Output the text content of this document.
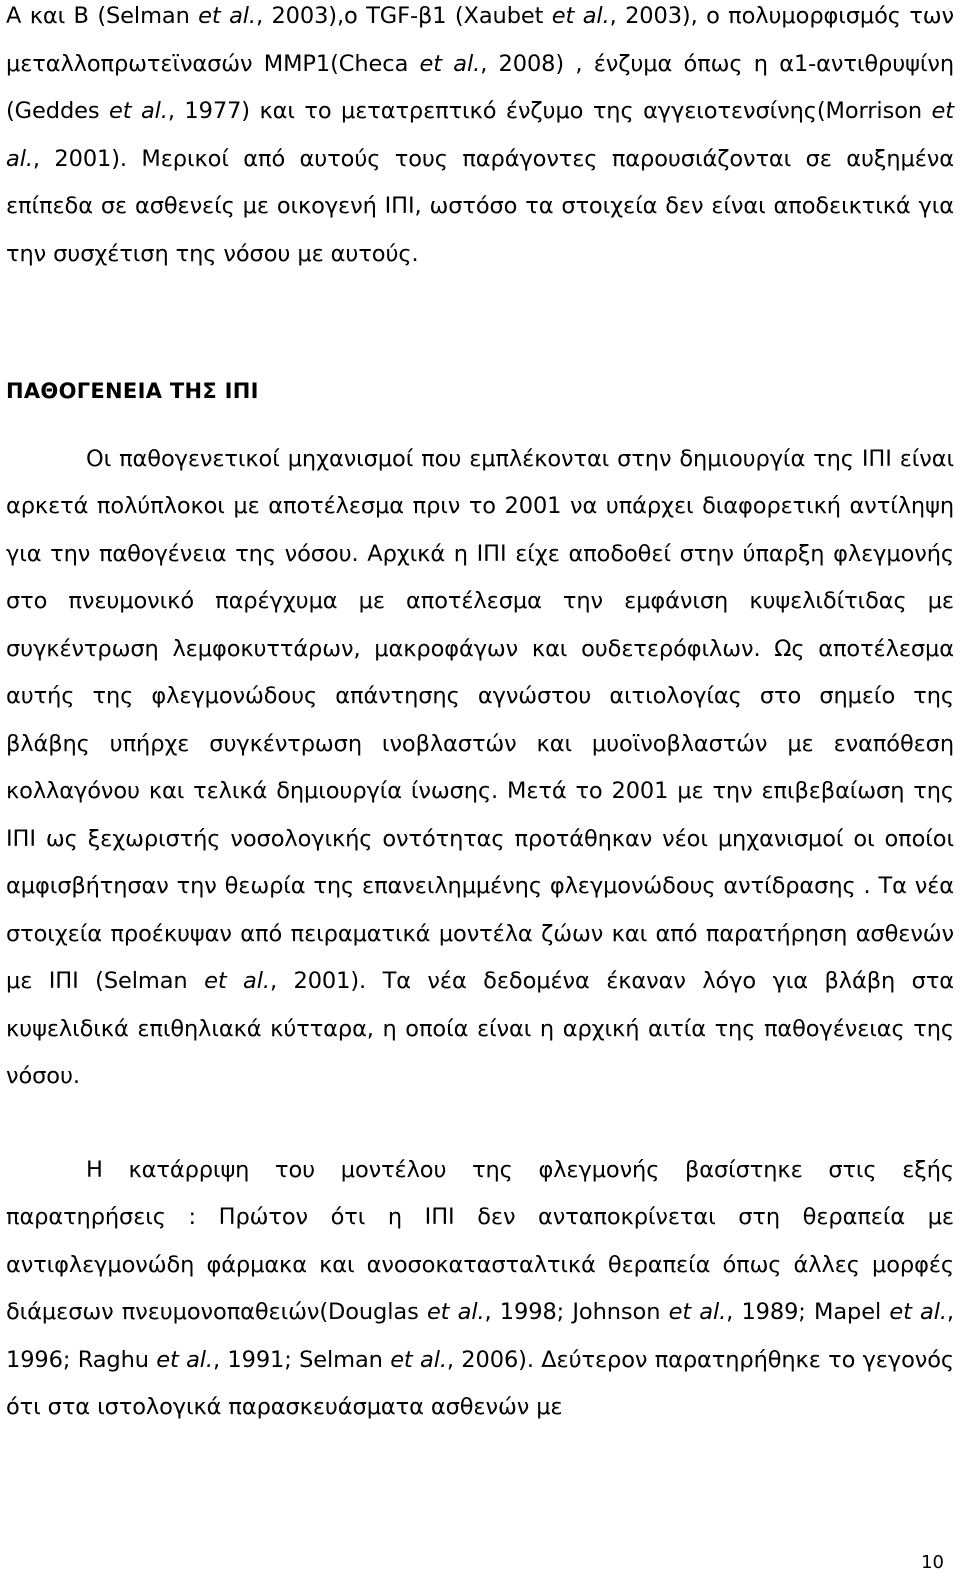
Α και Β (Selman et al., 2003),ο TGF-β1 (Xaubet et al., 2003), ο πολυμορφισμός των μεταλλοπρωτεϊνασών MMP1(Checa et al., 2008) , ένζυμα όπως η α1-αντιθρυψίνη (Geddes et al., 1977) και το μετατρεπτικό ένζυμο της αγγειοτενσίνης(Morrison et al., 2001). Μερικοί από αυτούς τους παράγοντες παρουσιάζονται σε αυξημένα επίπεδα σε ασθενείς με οικογενή ΙΠΙ, ωστόσο τα στοιχεία δεν είναι αποδεικτικά για την συσχέτιση της νόσου με αυτούς.

ΠΑΘΟΓΕΝΕΙΑ ΤΗΣ ΙΠΙ

Οι παθογενετικοί μηχανισμοί που εμπλέκονται στην δημιουργία της ΙΠΙ είναι αρκετά πολύπλοκοι με αποτέλεσμα πριν το 2001 να υπάρχει διαφορετική αντίληψη για την παθογένεια της νόσου. Αρχικά η ΙΠΙ είχε αποδοθεί στην ύπαρξη φλεγμονής στο πνευμονικό παρέγχυμα με αποτέλεσμα την εμφάνιση κυψελιδίτιδας με συγκέντρωση λεμφοκυττάρων, μακροφάγων και ουδετερόφιλων. Ως αποτέλεσμα αυτής της φλεγμονώδους απάντησης αγνώστου αιτιολογίας στο σημείο της βλάβης υπήρχε συγκέντρωση ινοβλαστών και μυοϊνοβλαστών με εναπόθεση κολλαγόνου και τελικά δημιουργία ίνωσης. Μετά το 2001 με την επιβεβαίωση της ΙΠΙ ως ξεχωριστής νοσολογικής οντότητας προτάθηκαν νέοι μηχανισμοί οι οποίοι αμφισβήτησαν την θεωρία της επανειλημμένης φλεγμονώδους αντίδρασης . Τα νέα στοιχεία προέκυψαν από πειραματικά μοντέλα ζώων και από παρατήρηση ασθενών με ΙΠΙ (Selman et al., 2001). Τα νέα δεδομένα έκαναν λόγο για βλάβη στα κυψελιδικά επιθηλιακά κύτταρα, η οποία είναι η αρχική αιτία της παθογένειας της νόσου.

Η κατάρριψη του μοντέλου της φλεγμονής βασίστηκε στις εξής παρατηρήσεις : Πρώτον ότι η ΙΠΙ δεν ανταποκρίνεται στη θεραπεία με αντιφλεγμονώδη φάρμακα και ανοσοκατασταλτικά θεραπεία όπως άλλες μορφές διάμεσων πνευμονοπαθειών(Douglas et al., 1998; Johnson et al., 1989; Mapel et al., 1996; Raghu et al., 1991; Selman et al., 2006). Δεύτερον παρατηρήθηκε το γεγονός ότι στα ιστολογικά παρασκευάσματα ασθενών με

10
